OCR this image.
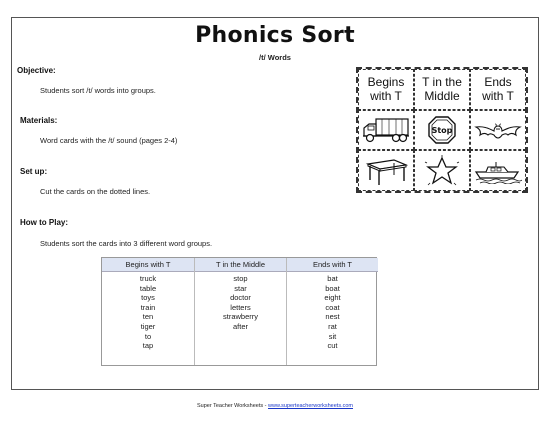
Phonics Sort
/t/ Words
Objective:
Students sort /t/ words into groups.
Materials:
Word cards with the /t/ sound (pages 2-4)
Set up:
Cut the cards on the dotted lines.
How to Play:
Students sort the cards into 3 different word groups.
Begins
with T
T in the
Middle
Ends
with T
Stop
Begins with T
truck
table
toys
train
ten
tiger
to
tap
T in the Middle
stop
star
doctor
letters
strawberry
after
Ends with T
bat
boat
eight
coat
nest
rat
sit
cut
Super Teacher Worksheets - www.superteacherworksheets.com
